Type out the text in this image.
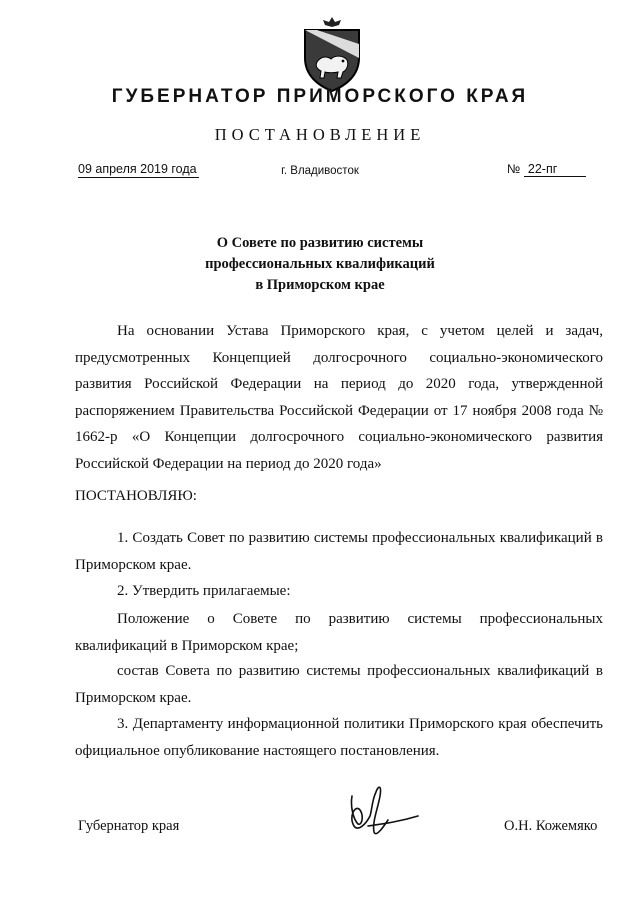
ГУБЕРНАТОР ПРИМОРСКОГО КРАЯ
ПОСТАНОВЛЕНИЕ
09 апреля 2019 года	г. Владивосток	№ 22-пг
О Совете по развитию системы
профессиональных квалификаций
в Приморском крае
На основании Устава Приморского края, с учетом целей и задач, предусмотренных Концепцией долгосрочного социально-экономического развития Российской Федерации на период до 2020 года, утвержденной распоряжением Правительства Российской Федерации от 17 ноября 2008 года № 1662-р «О Концепции долгосрочного социально-экономического развития Российской Федерации на период до 2020 года»
ПОСТАНОВЛЯЮ:
1. Создать Совет по развитию системы профессиональных квалификаций в Приморском крае.
2. Утвердить прилагаемые:
Положение о Совете по развитию системы профессиональных квалификаций в Приморском крае;
состав Совета по развитию системы профессиональных квалификаций в Приморском крае.
3. Департаменту информационной политики Приморского края обеспечить официальное опубликование настоящего постановления.
Губернатор края	О.Н. Кожемяко
